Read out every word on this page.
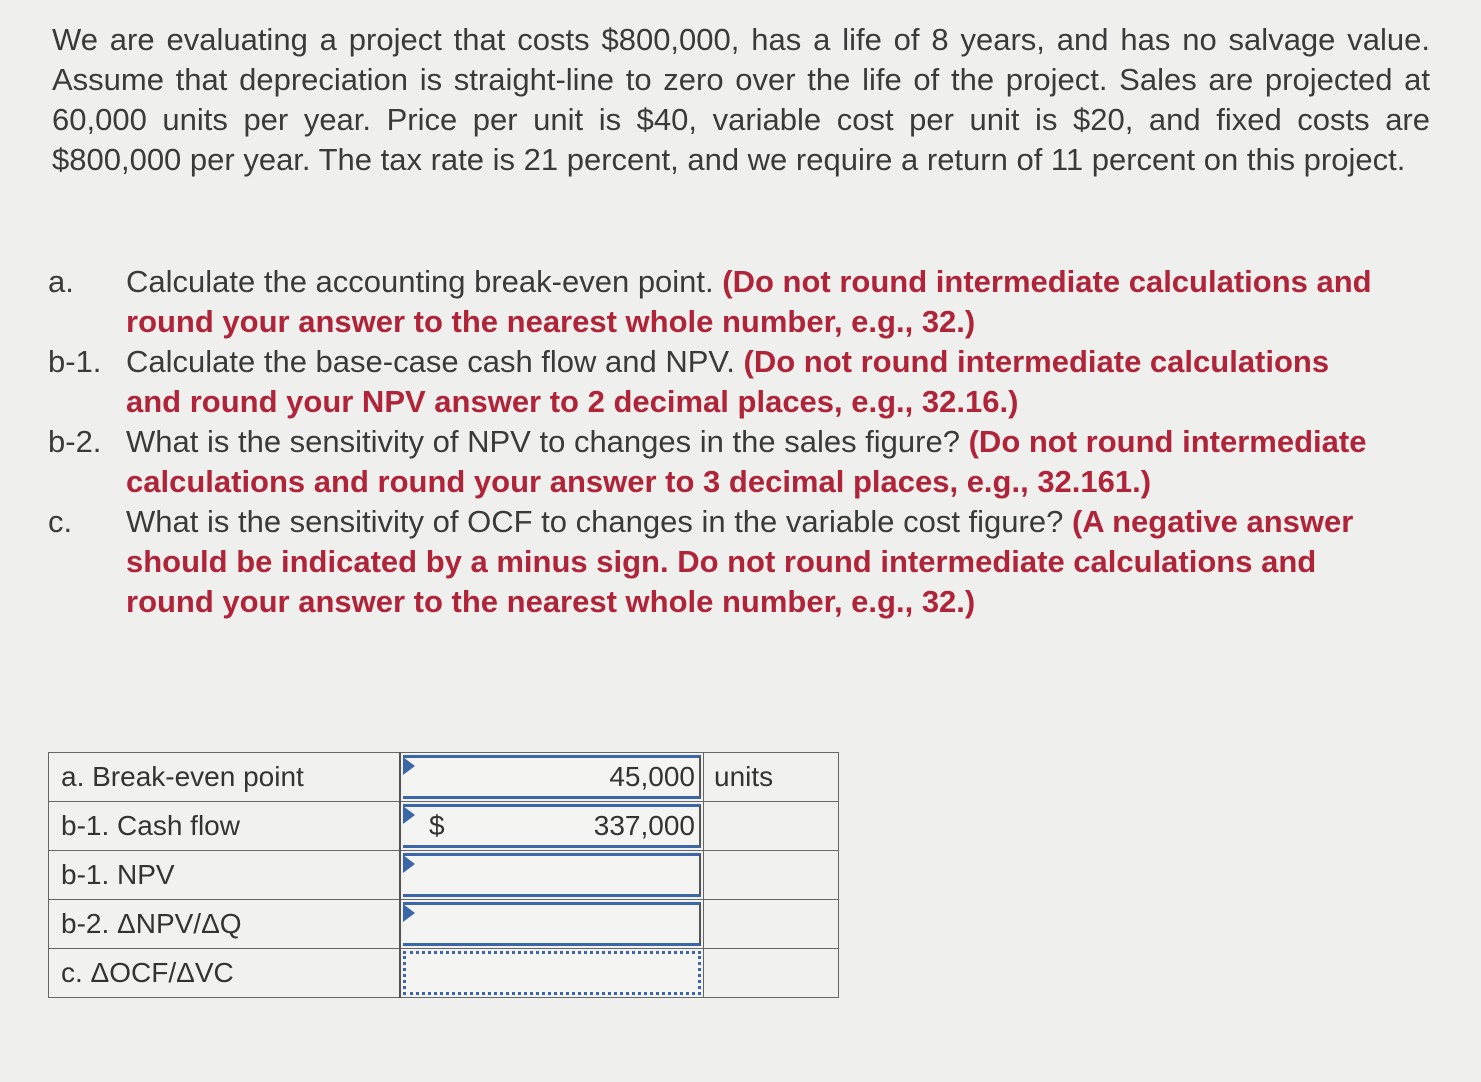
We are evaluating a project that costs $800,000, has a life of 8 years, and has no salvage value. Assume that depreciation is straight-line to zero over the life of the project. Sales are projected at 60,000 units per year. Price per unit is $40, variable cost per unit is $20, and fixed costs are $800,000 per year. The tax rate is 21 percent, and we require a return of 11 percent on this project.
a.	Calculate the accounting break-even point. (Do not round intermediate calculations and round your answer to the nearest whole number, e.g., 32.)
b-1. Calculate the base-case cash flow and NPV. (Do not round intermediate calculations and round your NPV answer to 2 decimal places, e.g., 32.16.)
b-2. What is the sensitivity of NPV to changes in the sales figure? (Do not round intermediate calculations and round your answer to 3 decimal places, e.g., 32.161.)
c.	What is the sensitivity of OCF to changes in the variable cost figure? (A negative answer should be indicated by a minus sign. Do not round intermediate calculations and round your answer to the nearest whole number, e.g., 32.)
a. Break-even point	45,000	units
b-1. Cash flow	$ 337,000	

b-1. NPV	

b-2. ΔNPV/ΔQ	

c. ΔOCF/ΔVC	
